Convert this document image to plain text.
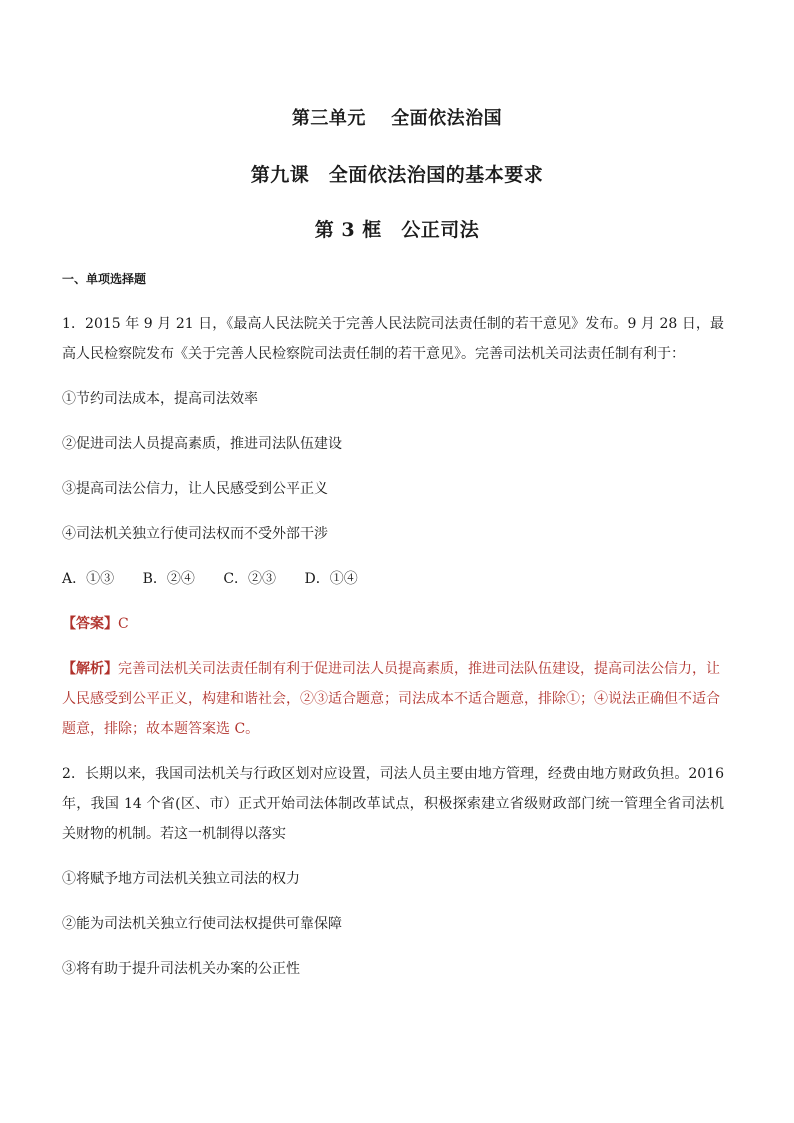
第三单元　 全面依法治国
第九课　全面依法治国的基本要求
第 3 框　公正司法
一、单项选择题

1．2015 年 9 月 21 日，《最高人民法院关于完善人民法院司法责任制的若干意见》发布。9 月 28 日，最高人民检察院发布《关于完善人民检察院司法责任制的若干意见》。完善司法机关司法责任制有利于：

①节约司法成本，提高司法效率

②促进司法人员提高素质，推进司法队伍建设

③提高司法公信力，让人民感受到公平正义

④司法机关独立行使司法权而不受外部干涉

A．①③ B．②④ C．②③ D．①④

【答案】C

【解析】完善司法机关司法责任制有利于促进司法人员提高素质，推进司法队伍建设，提高司法公信力，让人民感受到公平正义，构建和谐社会，②③适合题意；司法成本不适合题意，排除①；④说法正确但不适合题意，排除；故本题答案选 C。

2．长期以来，我国司法机关与行政区划对应设置，司法人员主要由地方管理，经费由地方财政负担。2016 年，我国 14 个省(区、市）正式开始司法体制改革试点，积极探索建立省级财政部门统一管理全省司法机关财物的机制。若这一机制得以落实

①将赋予地方司法机关独立司法的权力

②能为司法机关独立行使司法权提供可靠保障

③将有助于提升司法机关办案的公正性
